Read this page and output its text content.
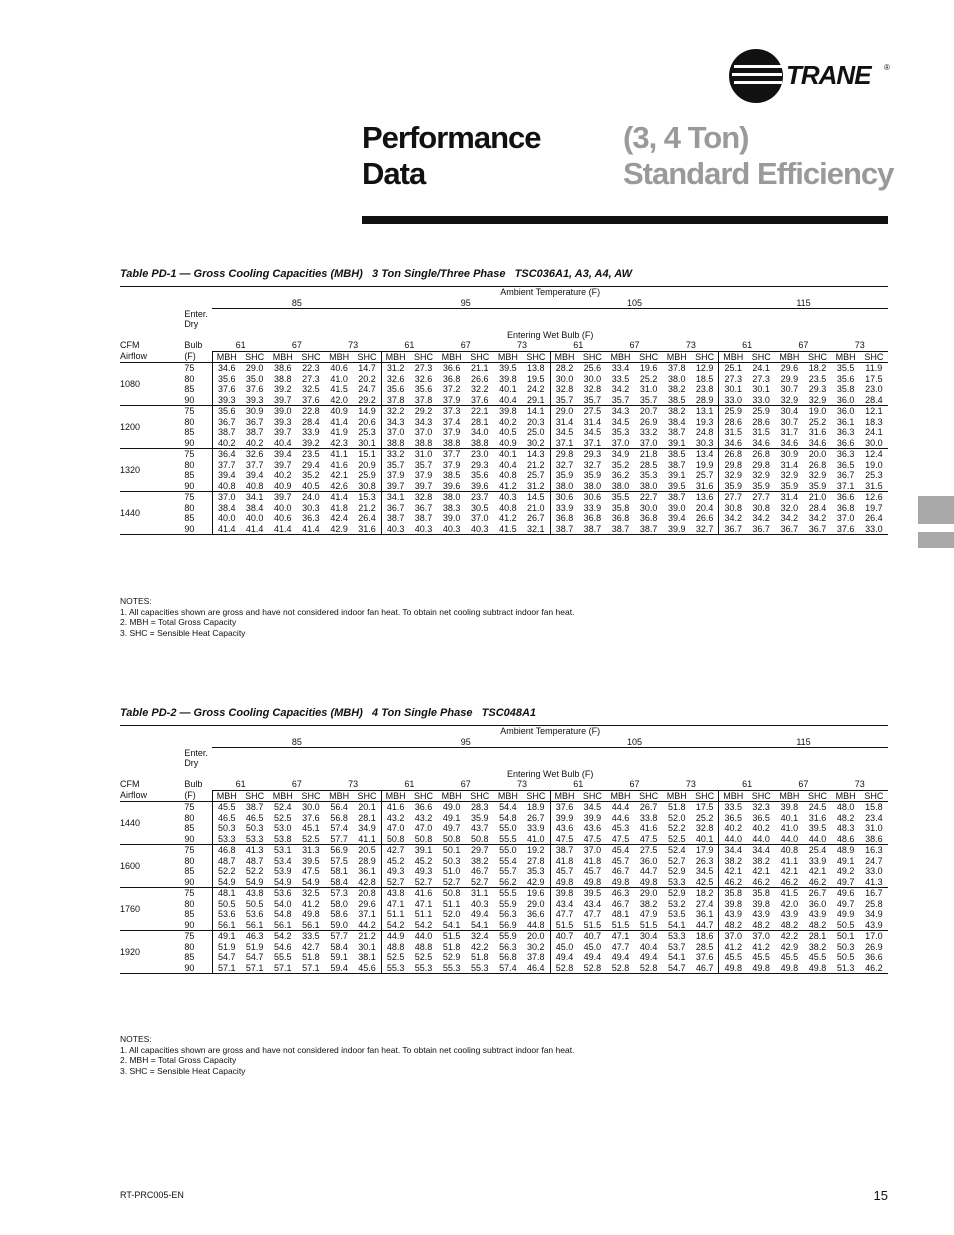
TRANE ®
Performance
Data
(3, 4 Ton)
Standard Efficiency
Table PD-1 — Gross Cooling Capacities (MBH)   3 Ton Single/Three Phase   TSC036A1, A3, A4, AW
		Ambient Temperature (F)																							
		85						95						105						115					
	Enter.																								
	Dry																								
		Entering Wet Bulb (F)																							
CFM	Bulb	61		67		73		61		67		73		61		67		73		61		67		73	
Airflow	(F)	MBH	SHC	MBH	SHC	MBH	SHC	MBH	SHC	MBH	SHC	MBH	SHC	MBH	SHC	MBH	SHC	MBH	SHC	MBH	SHC	MBH	SHC	MBH	SHC
1080	75	34.6	29.0	38.6	22.3	40.6	14.7	31.2	27.3	36.6	21.1	39.5	13.8	28.2	25.6	33.4	19.6	37.8	12.9	25.1	24.1	29.6	18.2	35.5	11.9
	80	35.6	35.0	38.8	27.3	41.0	20.2	32.6	32.6	36.8	26.6	39.8	19.5	30.0	30.0	33.5	25.2	38.0	18.5	27.3	27.3	29.9	23.5	35.6	17.5
	85	37.6	37.6	39.2	32.5	41.5	24.7	35.6	35.6	37.2	32.2	40.1	24.2	32.8	32.8	34.2	31.0	38.2	23.8	30.1	30.1	30.7	29.3	35.8	23.0
	90	39.3	39.3	39.7	37.6	42.0	29.2	37.8	37.8	37.9	37.6	40.4	29.1	35.7	35.7	35.7	35.7	38.5	28.9	33.0	33.0	32.9	32.9	36.0	28.4
1200	75	35.6	30.9	39.0	22.8	40.9	14.9	32.2	29.2	37.3	22.1	39.8	14.1	29.0	27.5	34.3	20.7	38.2	13.1	25.9	25.9	30.4	19.0	36.0	12.1
	80	36.7	36.7	39.3	28.4	41.4	20.6	34.3	34.3	37.4	28.1	40.2	20.3	31.4	31.4	34.5	26.9	38.4	19.3	28.6	28.6	30.7	25.2	36.1	18.3
	85	38.7	38.7	39.7	33.9	41.9	25.3	37.0	37.0	37.9	34.0	40.5	25.0	34.5	34.5	35.3	33.2	38.7	24.8	31.5	31.5	31.7	31.6	36.3	24.1
	90	40.2	40.2	40.4	39.2	42.3	30.1	38.8	38.8	38.8	38.8	40.9	30.2	37.1	37.1	37.0	37.0	39.1	30.3	34.6	34.6	34.6	34.6	36.6	30.0
1320	75	36.4	32.6	39.4	23.5	41.1	15.1	33.2	31.0	37.7	23.0	40.1	14.3	29.8	29.3	34.9	21.8	38.5	13.4	26.8	26.8	30.9	20.0	36.3	12.4
	80	37.7	37.7	39.7	29.4	41.6	20.9	35.7	35.7	37.9	29.3	40.4	21.2	32.7	32.7	35.2	28.5	38.7	19.9	29.8	29.8	31.4	26.8	36.5	19.0
	85	39.4	39.4	40.2	35.2	42.1	25.9	37.9	37.9	38.5	35.6	40.8	25.7	35.9	35.9	36.2	35.3	39.1	25.7	32.9	32.9	32.9	32.9	36.7	25.3
	90	40.8	40.8	40.9	40.5	42.6	30.8	39.7	39.7	39.6	39.6	41.2	31.2	38.0	38.0	38.0	38.0	39.5	31.6	35.9	35.9	35.9	35.9	37.1	31.5
1440	75	37.0	34.1	39.7	24.0	41.4	15.3	34.1	32.8	38.0	23.7	40.3	14.5	30.6	30.6	35.5	22.7	38.7	13.6	27.7	27.7	31.4	21.0	36.6	12.6
	80	38.4	38.4	40.0	30.3	41.8	21.2	36.7	36.7	38.3	30.5	40.8	21.0	33.9	33.9	35.8	30.0	39.0	20.4	30.8	30.8	32.0	28.4	36.8	19.7
	85	40.0	40.0	40.6	36.3	42.4	26.4	38.7	38.7	39.0	37.0	41.2	26.7	36.8	36.8	36.8	36.8	39.4	26.6	34.2	34.2	34.2	34.2	37.0	26.4
	90	41.4	41.4	41.4	41.4	42.9	31.6	40.3	40.3	40.3	40.3	41.5	32.1	38.7	38.7	38.7	38.7	39.9	32.7	36.7	36.7	36.7	36.7	37.6	33.0
NOTES:
1. All capacities shown are gross and have not considered indoor fan heat. To obtain net cooling subtract indoor fan heat.
2. MBH = Total Gross Capacity
3. SHC = Sensible Heat Capacity
Table PD-2 — Gross Cooling Capacities (MBH)   4 Ton Single Phase   TSC048A1
		Ambient Temperature (F)																							
		85						95						105						115					
	Enter.																								
	Dry																								
		Entering Wet Bulb (F)																							
CFM	Bulb	61		67		73		61		67		73		61		67		73		61		67		73	
Airflow	(F)	MBH	SHC	MBH	SHC	MBH	SHC	MBH	SHC	MBH	SHC	MBH	SHC	MBH	SHC	MBH	SHC	MBH	SHC	MBH	SHC	MBH	SHC	MBH	SHC
1440	75	45.5	38.7	52.4	30.0	56.4	20.1	41.6	36.6	49.0	28.3	54.4	18.9	37.6	34.5	44.4	26.7	51.8	17.5	33.5	32.3	39.8	24.5	48.0	15.8
	80	46.5	46.5	52.5	37.6	56.8	28.1	43.2	43.2	49.1	35.9	54.8	26.7	39.9	39.9	44.6	33.8	52.0	25.2	36.5	36.5	40.1	31.6	48.2	23.4
	85	50.3	50.3	53.0	45.1	57.4	34.9	47.0	47.0	49.7	43.7	55.0	33.9	43.6	43.6	45.3	41.6	52.2	32.8	40.2	40.2	41.0	39.5	48.3	31.0
	90	53.3	53.3	53.8	52.5	57.7	41.1	50.8	50.8	50.8	50.8	55.5	41.0	47.5	47.5	47.5	47.5	52.5	40.1	44.0	44.0	44.0	44.0	48.6	38.6
1600	75	46.8	41.3	53.1	31.3	56.9	20.5	42.7	39.1	50.1	29.7	55.0	19.2	38.7	37.0	45.4	27.5	52.4	17.9	34.4	34.4	40.8	25.4	48.9	16.3
	80	48.7	48.7	53.4	39.5	57.5	28.9	45.2	45.2	50.3	38.2	55.4	27.8	41.8	41.8	45.7	36.0	52.7	26.3	38.2	38.2	41.1	33.9	49.1	24.7
	85	52.2	52.2	53.9	47.5	58.1	36.1	49.3	49.3	51.0	46.7	55.7	35.3	45.7	45.7	46.7	44.7	52.9	34.5	42.1	42.1	42.1	42.1	49.2	33.0
	90	54.9	54.9	54.9	54.9	58.4	42.8	52.7	52.7	52.7	52.7	56.2	42.9	49.8	49.8	49.8	49.8	53.3	42.5	46.2	46.2	46.2	46.2	49.7	41.3
1760	75	48.1	43.8	53.6	32.5	57.3	20.8	43.8	41.6	50.8	31.1	55.5	19.6	39.8	39.5	46.3	29.0	52.9	18.2	35.8	35.8	41.5	26.7	49.6	16.7
	80	50.5	50.5	54.0	41.2	58.0	29.6	47.1	47.1	51.1	40.3	55.9	29.0	43.4	43.4	46.7	38.2	53.2	27.4	39.8	39.8	42.0	36.0	49.7	25.8
	85	53.6	53.6	54.8	49.8	58.6	37.1	51.1	51.1	52.0	49.4	56.3	36.6	47.7	47.7	48.1	47.9	53.5	36.1	43.9	43.9	43.9	43.9	49.9	34.9
	90	56.1	56.1	56.1	56.1	59.0	44.2	54.2	54.2	54.1	54.1	56.9	44.8	51.5	51.5	51.5	51.5	54.1	44.7	48.2	48.2	48.2	48.2	50.5	43.9
1920	75	49.1	46.3	54.2	33.5	57.7	21.2	44.9	44.0	51.5	32.4	55.9	20.0	40.7	40.7	47.1	30.4	53.3	18.6	37.0	37.0	42.2	28.1	50.1	17.0
	80	51.9	51.9	54.6	42.7	58.4	30.1	48.8	48.8	51.8	42.2	56.3	30.2	45.0	45.0	47.7	40.4	53.7	28.5	41.2	41.2	42.9	38.2	50.3	26.9
	85	54.7	54.7	55.5	51.8	59.1	38.1	52.5	52.5	52.9	51.8	56.8	37.8	49.4	49.4	49.4	49.4	54.1	37.6	45.5	45.5	45.5	45.5	50.5	36.6
	90	57.1	57.1	57.1	57.1	59.4	45.6	55.3	55.3	55.3	55.3	57.4	46.4	52.8	52.8	52.8	52.8	54.7	46.7	49.8	49.8	49.8	49.8	51.3	46.2
NOTES:
1. All capacities shown are gross and have not considered indoor fan heat. To obtain net cooling subtract indoor fan heat.
2. MBH = Total Gross Capacity
3. SHC = Sensible Heat Capacity
RT-PRC005-EN	15
